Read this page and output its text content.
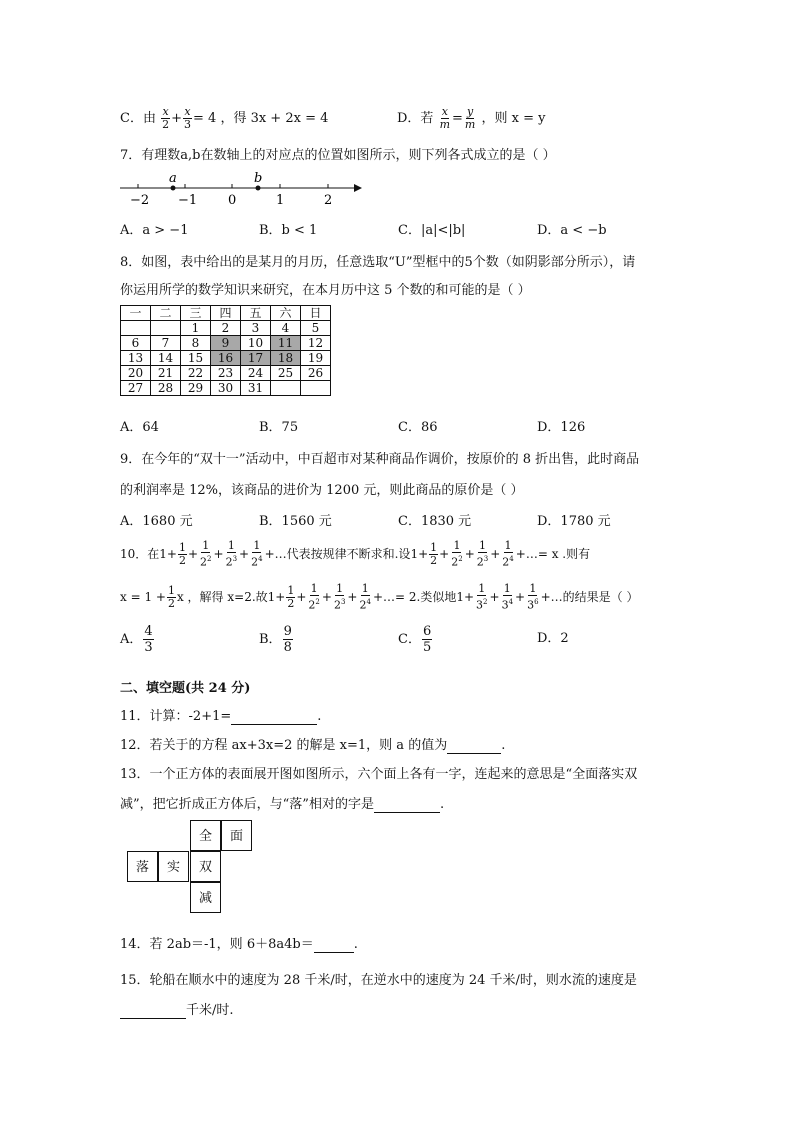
C．由 $\frac{x}{2} + \frac{x}{3} = 4$ ，得 3x + 2x = 4	D．若 $\frac{x}{m} = \frac{y}{m}$ ，则 x = y
7．有理数a,b在数轴上的对应点的位置如图所示，则下列各式成立的是（ ）
a	b
−2 −1 0	1	2
A．a > −1	B．b < 1	C．|a|<|b|	D．a < −b
8．如图，表中给出的是某月的月历，任意选取“U”型框中的5个数（如阴影部分所示），请
你运用所学的数学知识来研究，在本月历中这 5 个数的和可能的是（ ）
一	二	三	四	五	六	日
		1	2	3	4	5
6	7	8	9	10	11	12
13	14	15	16	17	18	19
20	21	22	23	24	25	26
27	28	29	30	31		
A．64	B．75	C．86	D．126
9．在今年的“双十一”活动中，中百超市对某种商品作调价，按原价的 8 折出售，此时商品
的利润率是 12%，该商品的进价为 1200 元，则此商品的原价是（ ）
A．1680 元	B．1560 元	C．1830 元	D．1780 元
10．在$1+ \frac{1}{2} + \frac{1}{2^2} + \frac{1}{2^3} + \frac{1}{2^4}$ +…代表按规律不断求和.设$1+ \frac{1}{2} + \frac{1}{2^2} + \frac{1}{2^3} + \frac{1}{2^4}$ +…= x .则有
$x = 1 + \frac{1}{2}$ x ，解得 x=2.故$1+ \frac{1}{2} + \frac{1}{2^2} + \frac{1}{2^3} + \frac{1}{2^4}$ +…= 2.类似地$1+ \frac{1}{3^2} + \frac{1}{3^4} + \frac{1}{3^6}$ +…的结果是（ ）
A． $\frac{4}{3}$	B． $\frac{9}{8}$	C． $\frac{6}{5}$	D．2
二、填空题(共 24 分)
11．计算：-2+1=	.
12．若关于的方程 ax+3x=2 的解是 x=1，则 a 的值为	.
13．一个正方体的表面展开图如图所示，六个面上各有一字，连起来的意思是“全面落实双
减”，把它折成正方体后，与“落”相对的字是	.
全	面
落	实	双
减
14．若 2ab＝-1，则 6＋8a4b＝	.
15．轮船在顺水中的速度为 28 千米/时，在逆水中的速度为 24 千米/时，则水流的速度是
千米/时.
